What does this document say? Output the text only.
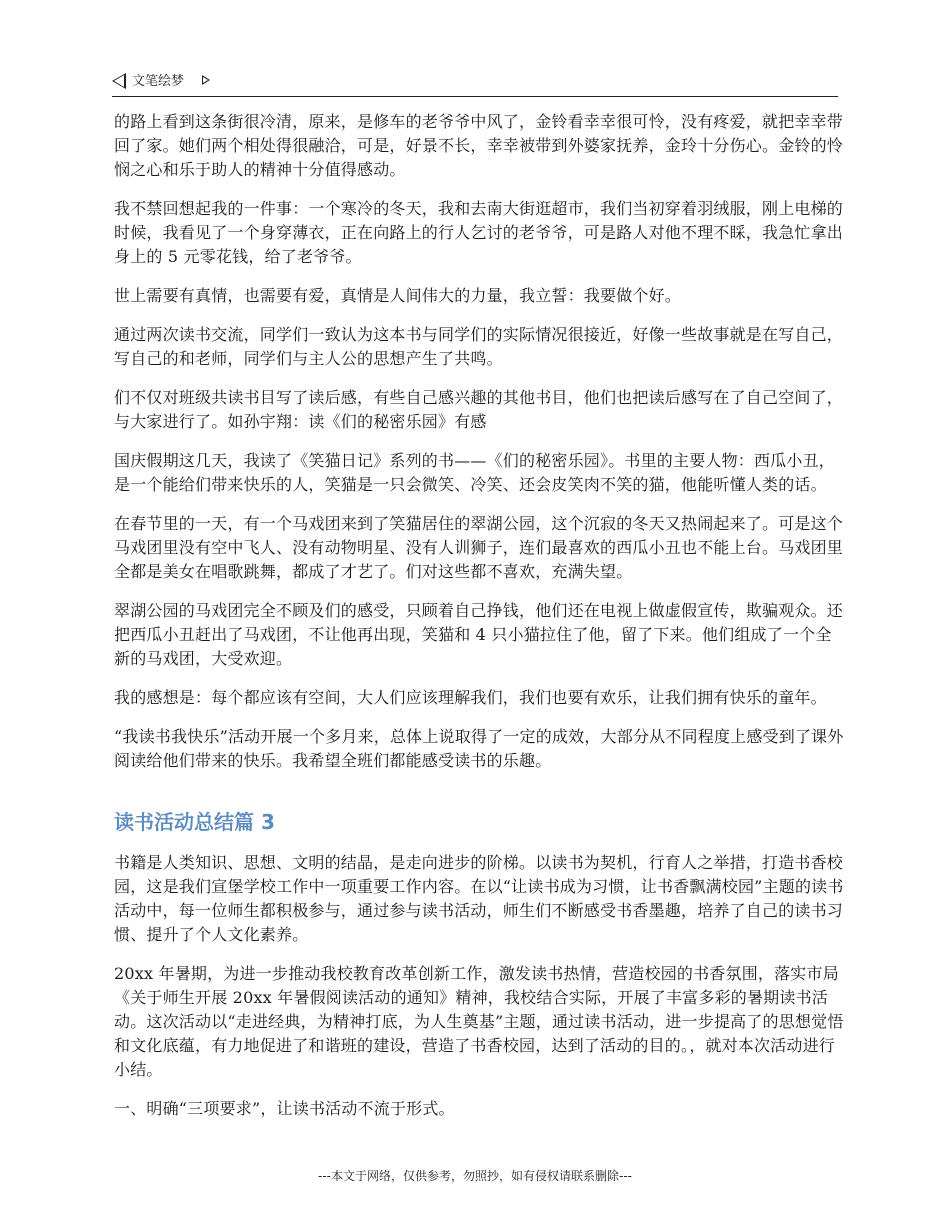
文笔绘梦

的路上看到这条街很冷清，原来，是修车的老爷爷中风了，金铃看幸幸很可怜，没有疼爱，就把幸幸带回了家。她们两个相处得很融洽，可是，好景不长，幸幸被带到外婆家抚养，金玲十分伤心。金铃的怜悯之心和乐于助人的精神十分值得感动。

我不禁回想起我的一件事：一个寒冷的冬天，我和去南大街逛超市，我们当初穿着羽绒服，刚上电梯的时候，我看见了一个身穿薄衣，正在向路上的行人乞讨的老爷爷，可是路人对他不理不睬，我急忙拿出身上的 5 元零花钱，给了老爷爷。

世上需要有真情，也需要有爱，真情是人间伟大的力量，我立誓：我要做个好。

通过两次读书交流，同学们一致认为这本书与同学们的实际情况很接近，好像一些故事就是在写自己，写自己的和老师，同学们与主人公的思想产生了共鸣。

们不仅对班级共读书目写了读后感，有些自己感兴趣的其他书目，他们也把读后感写在了自己空间了，与大家进行了。如孙宇翔：读《们的秘密乐园》有感

国庆假期这几天，我读了《笑猫日记》系列的书——《们的秘密乐园》。书里的主要人物：西瓜小丑，是一个能给们带来快乐的人，笑猫是一只会微笑、冷笑、还会皮笑肉不笑的猫，他能听懂人类的话。

在春节里的一天，有一个马戏团来到了笑猫居住的翠湖公园，这个沉寂的冬天又热闹起来了。可是这个马戏团里没有空中飞人、没有动物明星、没有人训狮子，连们最喜欢的西瓜小丑也不能上台。马戏团里全都是美女在唱歌跳舞，都成了才艺了。们对这些都不喜欢，充满失望。

翠湖公园的马戏团完全不顾及们的感受，只顾着自己挣钱，他们还在电视上做虚假宣传，欺骗观众。还把西瓜小丑赶出了马戏团，不让他再出现，笑猫和 4 只小猫拉住了他，留了下来。他们组成了一个全新的马戏团，大受欢迎。

我的感想是：每个都应该有空间，大人们应该理解我们，我们也要有欢乐，让我们拥有快乐的童年。

“我读书我快乐”活动开展一个多月来，总体上说取得了一定的成效，大部分从不同程度上感受到了课外阅读给他们带来的快乐。我希望全班们都能感受读书的乐趣。

读书活动总结篇 3

书籍是人类知识、思想、文明的结晶，是走向进步的阶梯。以读书为契机，行育人之举措，打造书香校园，这是我们宣堡学校工作中一项重要工作内容。在以“让读书成为习惯，让书香飘满校园”主题的读书活动中，每一位师生都积极参与，通过参与读书活动，师生们不断感受书香墨趣，培养了自己的读书习惯、提升了个人文化素养。

20xx 年暑期，为进一步推动我校教育改革创新工作，激发读书热情，营造校园的书香氛围，落实市局《关于师生开展 20xx 年暑假阅读活动的通知》精神，我校结合实际，开展了丰富多彩的暑期读书活动。这次活动以“走进经典，为精神打底，为人生奠基”主题，通过读书活动，进一步提高了的思想觉悟和文化底蕴，有力地促进了和谐班的建设，营造了书香校园，达到了活动的目的。，就对本次活动进行小结。

一、明确“三项要求”，让读书活动不流于形式。

---本文于网络，仅供参考，勿照抄，如有侵权请联系删除---
